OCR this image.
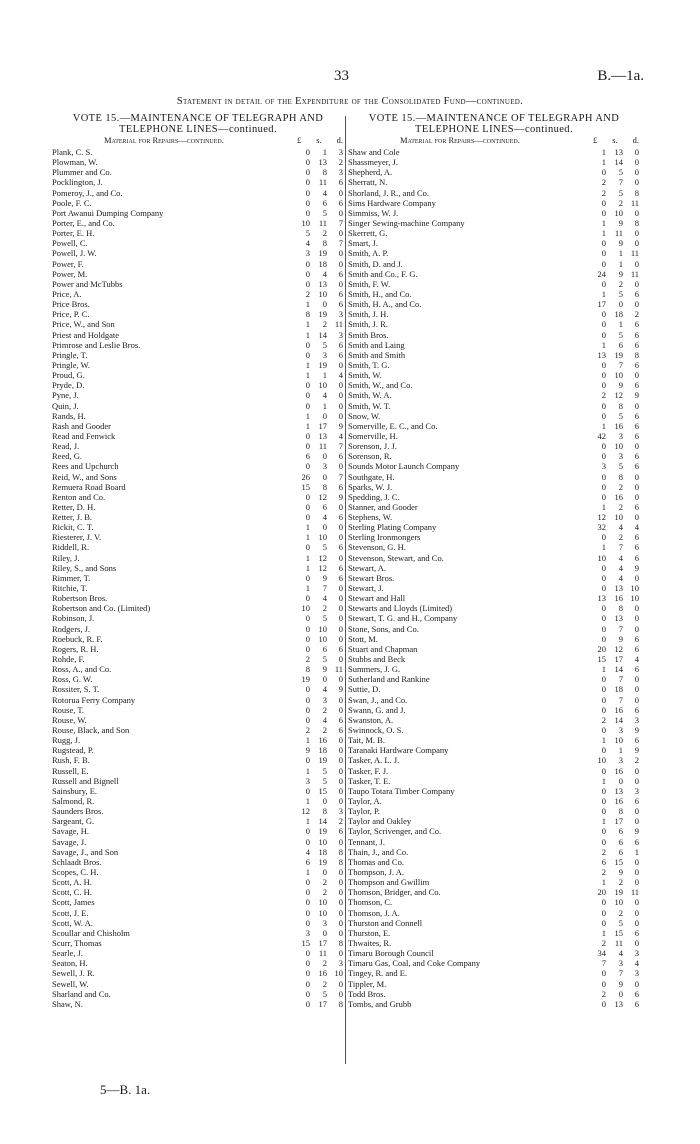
33	B.—1a.
Statement in detail of the Expenditure of the Consolidated Fund—continued.
VOTE 15.—MAINTENANCE OF TELEGRAPH AND
TELEPHONE LINES—continued.
Material for Repairs—continued.	£ s. d.
Plank, C. S.	0	1	3
Plowman, W.	0	13	2
Plummer and Co.	0	8	3
Pocklington, J.	0	11	6
Pomeroy, J., and Co.	0	4	0
Poole, F. C.	0	6	6
Port Awanui Dumping Company	0	5	0
Porter, E., and Co.	10	11	7
Porter, E. H.	5	2	0
Powell, C.	4	8	7
Powell, J. W.	3	19	0
Power, F.	0	18	0
Power, M.	0	4	6
Power and McTubbs	0	13	0
Price, A.	2	10	6
Price Bros.	1	0	6
Price, P. C.	8	19	3
Price, W., and Son	1	2 11
Priest and Holdgate	1	14	3
Primrose and Leslie Bros.	0	5	6
Pringle, T.	0	3	6
Pringle, W.	1	19	0
Proud, G.	1	1	4
Pryde, D.	0	10	0
Pyne, J.	0	4	0
Quin, J.	0	1	0
Rands, H.	1	0	0
Rash and Gooder	1	17	9
Read and Fenwick	0	13	4
Read, J.	0	11	7
Reed, G.	6	0	6
Rees and Upchurch	0	3	0
Reid, W., and Sons	26	0	7
Remuera Road Board	15	8	6
Renton and Co.	0	12	9
Retter, D. H.	0	6	0
Retter, J. B.	0	4	6
Rickit, C. T.	1	0	0
Riesterer, J. V.	1	10	0
Riddell, R.	0	5	6
Riley, J.	1	12	0
Riley, S., and Sons	1	12	6
Rimmer, T.	0	9	6
Ritchie, T.	1	7	0
Robertson Bros.	0	4	0
Robertson and Co. (Limited)	10	2	0
Robinson, J.	0	5	0
Rodgers, J.	0	10	0
Roebuck, R. F.	0	10	0
Rogers, R. H.	0	6	6
Rohde, F.	2	5	0
Ross, A., and Co.	8	9 11
Ross, G. W.	19	0	0
Rossiter, S. T.	0	4	9
Rotorua Ferry Company	0	3	0
Rouse, T.	0	2	0
Rouse, W.	0	4	6
Rouse, Black, and Son	2	2	6
Rugg, J.	1	16	0
Rugstead, P.	9	18	0
Rush, F. B.	0	19	0
Russell, E.	1	5	0
Russell and Bignell	3	5	0
Sainsbury, E.	0	15	0
Salmond, R.	1	0	0
Saunders Bros.	12	8	3
Sargeant, G.	1	14	2
Savage, H.	0	19	6
Savage, J.	0	10	0
Savage, J., and Son	4	18	8
Schlaadt Bros.	6	19	8
Scopes, C. H.	1	0	0
Scott, A. H.	0	2	0
Scott, C. H.	0	2	0
Scott, James	0	10	0
Scott, J. E.	0	10	0
Scott, W. A.	0	3	0
Scoullar and Chisholm	3	0	0
Scurr, Thomas	15	17	8
Searle, J.	0	11	0
Seaton, H.	0	2	3
Sewell, J. R.	0	16 10
Sewell, W.	0	2	0
Sharland and Co.	0	5	0
Shaw, N.	0	17	8
VOTE 15.—MAINTENANCE OF TELEGRAPH AND
TELEPHONE LINES—continued.
Material for Repairs—continued.	£ s. d.
Shaw and Cole	1	13	0
Shassmeyer, J.	1	14	0
Shepherd, A.	0	5	0
Sherratt, N.	2	7	0
Shorland, J. R., and Co.	2	5	8
Sims Hardware Company	0	2 11
Simmiss, W. J.	0	10	0
Singer Sewing-machine Company	1	9	8
Skerrett, G.	1	11	0
Smart, J.	0	9	0
Smith, A. P.	0	1 11
Smith, D. and J.	0	1	0
Smith and Co., F. G.	24	9 11
Smith, F. W.	0	2	0
Smith, H., and Co.	1	5	6
Smith, H. A., and Co.	17	0	0
Smith, J. H.	0	18	2
Smith, J. R.	0	1	6
Smith Bros.	0	5	6
Smith and Laing	1	6	6
Smith and Smith	13	19	8
Smith, T. G.	0	7	6
Smith, W.	0	10	0
Smith, W., and Co.	0	9	6
Smith, W. A.	2	12	9
Smith, W. T.	0	8	0
Snow, W.	0	5	6
Somerville, E. C., and Co.	1	16	6
Somerville, H.	42	3	6
Sorenson, J. J.	0	10	0
Sorenson, R.	0	3	6
Sounds Motor Launch Company	3	5	6
Southgate, H.	0	8	0
Sparks, W. J.	0	2	0
Spedding, J. C.	0	16	0
Stanner, and Gooder	1	2	6
Stephens, W.	12	10	0
Sterling Plating Company	32	4	4
Sterling Ironmongers	0	2	6
Stevenson, G. H.	1	7	6
Stevenson, Stewart, and Co.	10	4	6
Stewart, A.	0	4	9
Stewart Bros.	0	4	0
Stewart, J.	0	13 10
Stewart and Hall	13	16 10
Stewarts and Lloyds (Limited)	0	8	0
Stewart, T. G. and H., Company	0	13	0
Stone, Sons, and Co.	0	7	0
Stott, M.	0	9	6
Stuart and Chapman	20	12	6
Stubbs and Beck	15	17	4
Summers, J. G.	1	14	6
Sutherland and Rankine	0	7	0
Suttie, D.	0	18	0
Swan, J., and Co.	0	7	0
Swann, G. and J.	0	16	6
Swanston, A.	2	14	3
Swinnock, O. S.	0	3	9
Tait, M. B.	1	10	6
Taranaki Hardware Company	0	1	9
Tasker, A. L. J.	10	3	2
Tasker, F. J.	0	16	0
Tasker, T. E.	1	0	0
Taupo Totara Timber Company	0	13	3
Taylor, A.	0	16	6
Taylor, P.	0	8	0
Taylor and Oakley	1	17	0
Taylor, Scrivenger, and Co.	0	6	9
Tennant, J.	0	6	6
Thain, J., and Co.	2	6	1
Thomas and Co.	6	15	0
Thompson, J. A.	2	9	0
Thompson and Gwillim	1	2	0
Thomson, Bridger, and Co.	20	19 11
Thomson, C.	0	10	0
Thomson, J. A.	0	2	0
Thurston and Connell	0	5	0
Thurston, E.	1	15	6
Thwaites, R.	2	11	0
Timaru Borough Council	34	4	3
Timaru Gas, Coal, and Coke Company	7	3	4
Tingey, R. and E.	0	7	3
Tippler, M.	0	9	0
Todd Bros.	2	0	6
Tombs, and Grubb	0	13	6
5—B. 1a.
